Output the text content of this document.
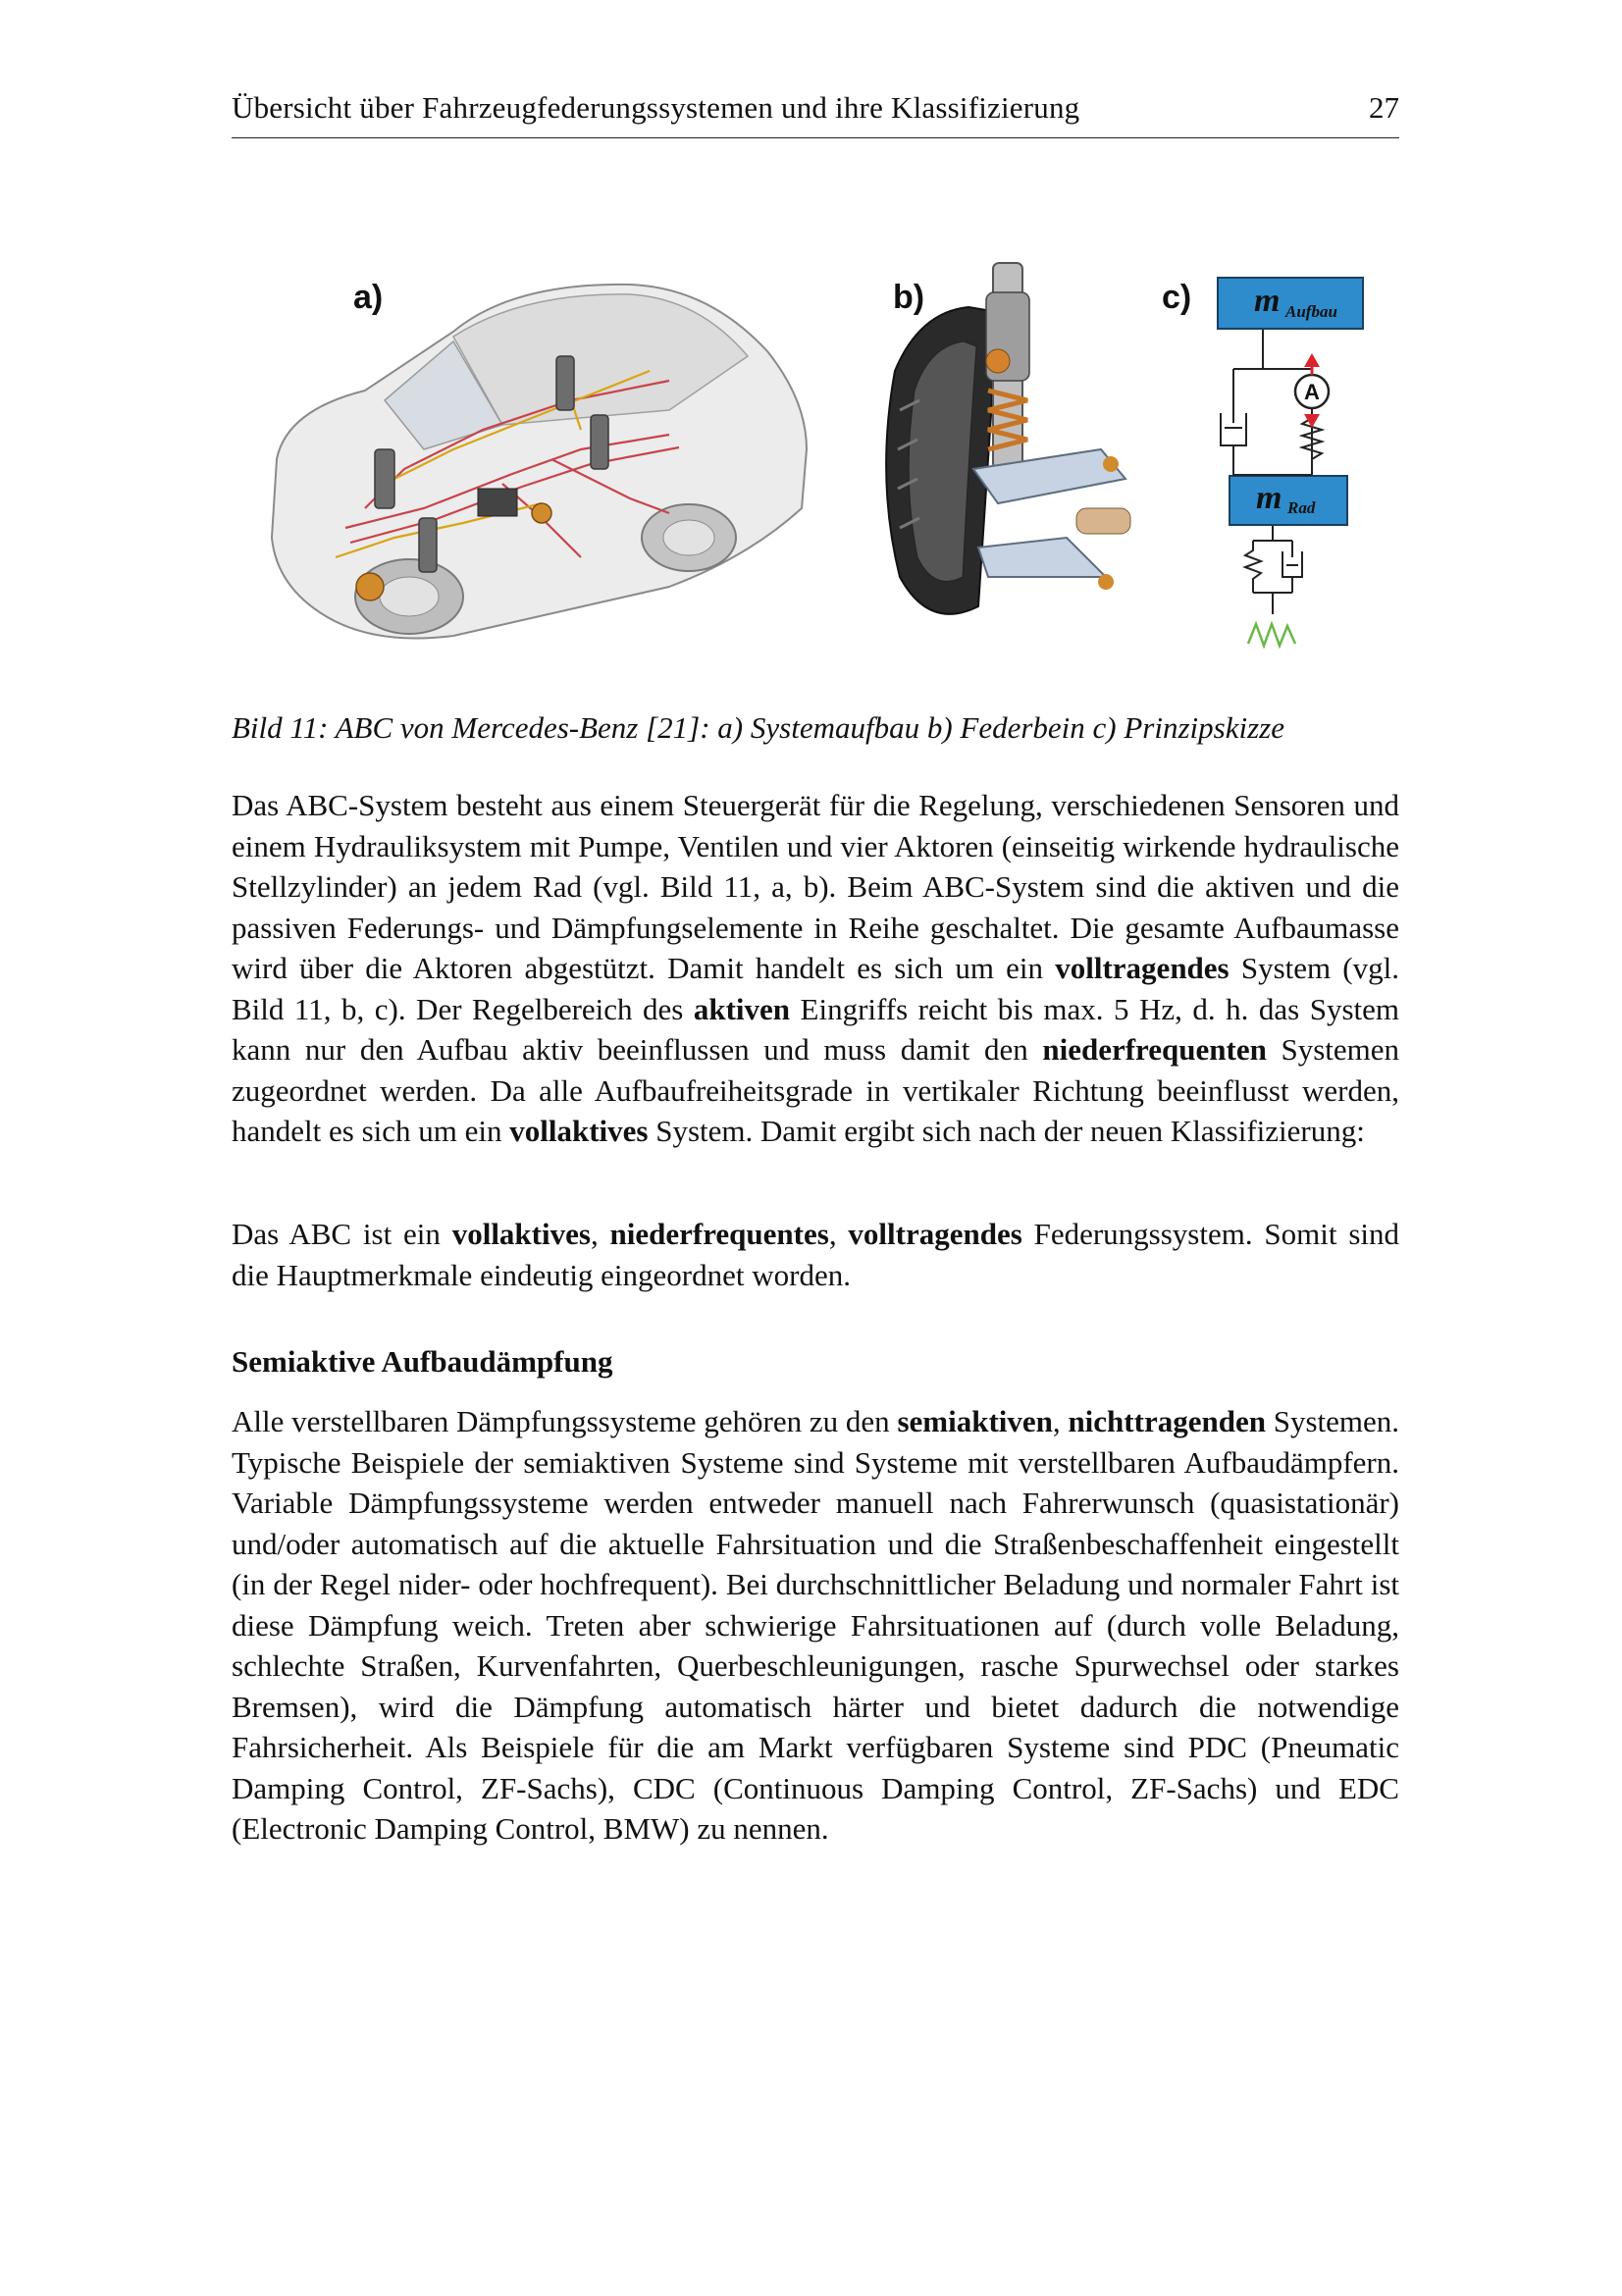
Übersicht über Fahrzeugfederungssystemen und ihre Klassifizierung	27
a)	b)	c) m Aufbau
m Rad
A
Bild 11: ABC von Mercedes-Benz [21]: a) Systemaufbau b) Federbein c) Prinzipskizze
Das ABC-System besteht aus einem Steuergerät für die Regelung, verschiedenen Sensoren und einem Hydrauliksystem mit Pumpe, Ventilen und vier Aktoren (einseitig wirkende hydraulische Stellzylinder) an jedem Rad (vgl. Bild 11, a, b). Beim ABC-System sind die aktiven und die passiven Federungs- und Dämpfungselemente in Reihe geschaltet. Die gesamte Aufbaumasse wird über die Aktoren abgestützt. Damit handelt es sich um ein volltragendes System (vgl. Bild 11, b, c). Der Regelbereich des aktiven Eingriffs reicht bis max. 5 Hz, d. h. das System kann nur den Aufbau aktiv beeinflussen und muss damit den niederfrequenten Systemen zugeordnet werden. Da alle Aufbaufreiheitsgrade in vertikaler Richtung beeinflusst werden, handelt es sich um ein vollaktives System. Damit ergibt sich nach der neuen Klassifizierung:
Das ABC ist ein vollaktives, niederfrequentes, volltragendes Federungssystem. Somit sind die Hauptmerkmale eindeutig eingeordnet worden.
Semiaktive Aufbaudämpfung
Alle verstellbaren Dämpfungssysteme gehören zu den semiaktiven, nichttragenden Systemen. Typische Beispiele der semiaktiven Systeme sind Systeme mit verstellbaren Aufbaudämpfern. Variable Dämpfungssysteme werden entweder manuell nach Fahrerwunsch (quasistationär) und/oder automatisch auf die aktuelle Fahrsituation und die Straßenbeschaffenheit eingestellt (in der Regel nider- oder hochfrequent). Bei durchschnittlicher Beladung und normaler Fahrt ist diese Dämpfung weich. Treten aber schwierige Fahrsituationen auf (durch volle Beladung, schlechte Straßen, Kurvenfahrten, Querbeschleunigungen, rasche Spurwechsel oder starkes Bremsen), wird die Dämpfung automatisch härter und bietet dadurch die notwendige Fahrsicherheit. Als Beispiele für die am Markt verfügbaren Systeme sind PDC (Pneumatic Damping Control, ZF-Sachs), CDC (Continuous Damping Control, ZF-Sachs) und EDC (Electronic Damping Control, BMW) zu nennen.
